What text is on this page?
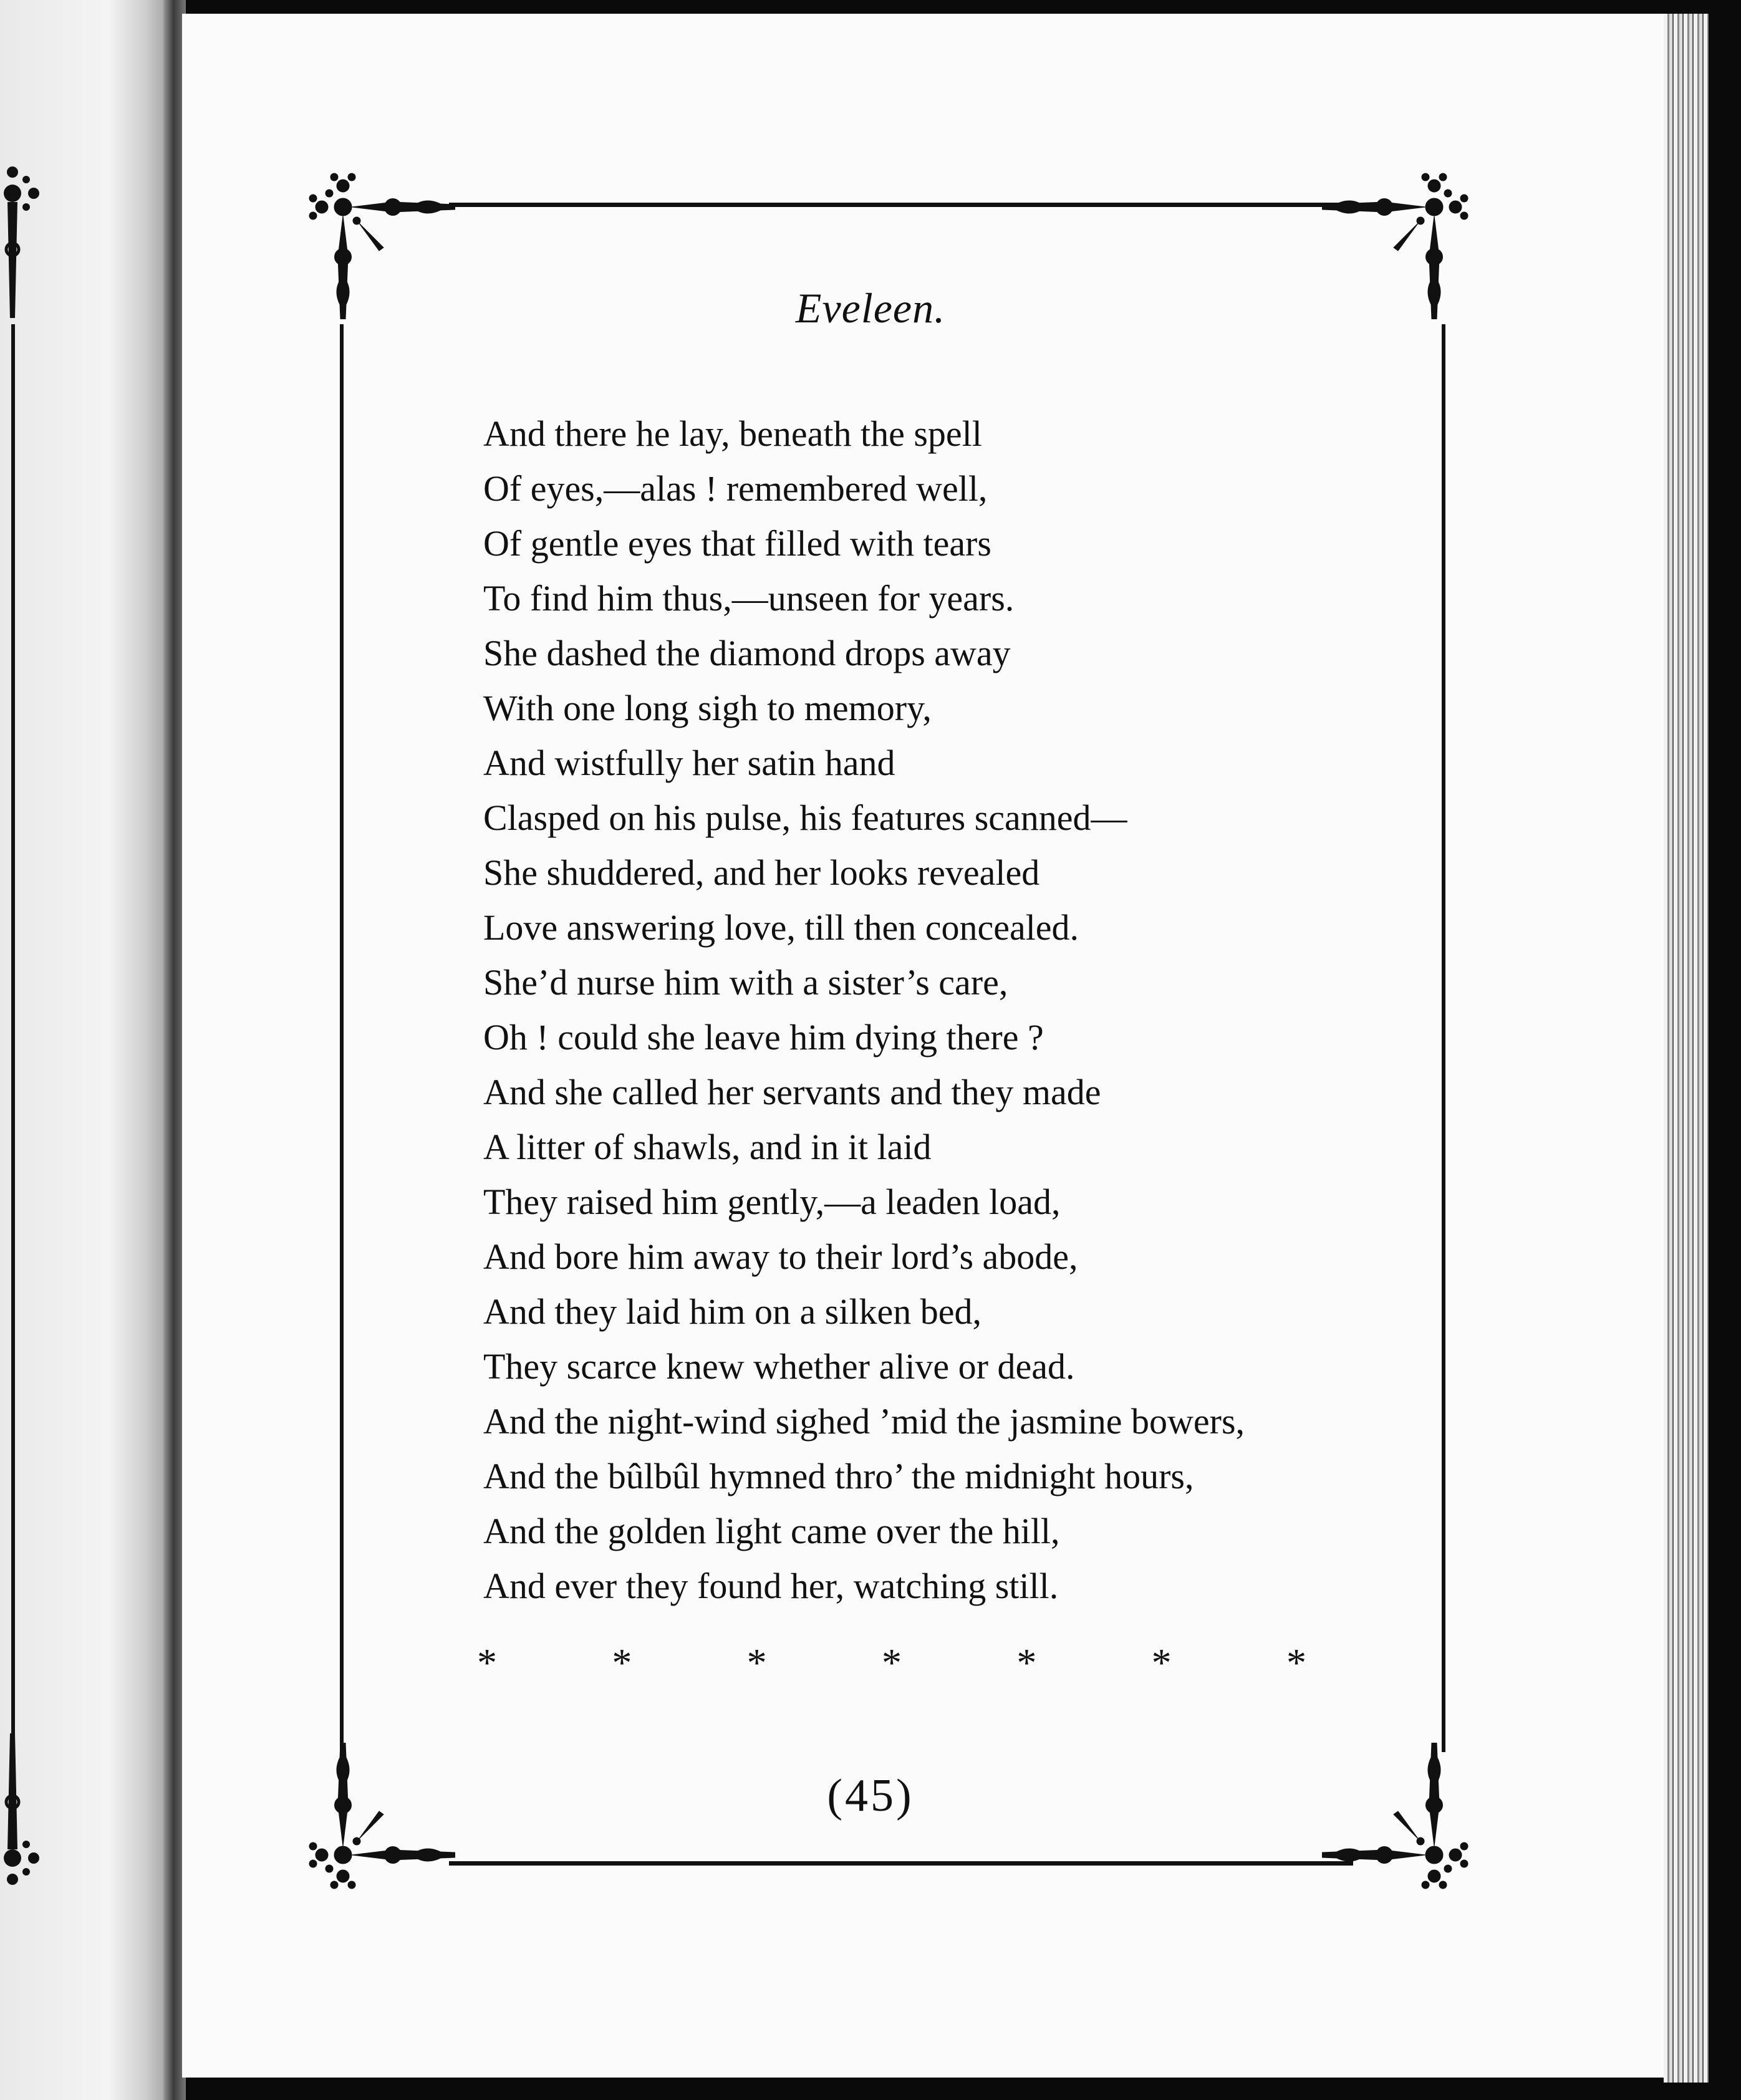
Eveleen.
And there he lay, beneath the spell
Of eyes,—alas ! remembered well,
Of gentle eyes that filled with tears
To find him thus,—unseen for years.
She dashed the diamond drops away
With one long sigh to memory,
And wistfully her satin hand
Clasped on his pulse, his features scanned—
She shuddered, and her looks revealed
Love answering love, till then concealed.
She’d nurse him with a sister’s care,
Oh ! could she leave him dying there ?
And she called her servants and they made
A litter of shawls, and in it laid
They raised him gently,—a leaden load,
And bore him away to their lord’s abode,
And they laid him on a silken bed,
They scarce knew whether alive or dead.
And the night-wind sighed ’mid the jasmine bowers,
And the bûlbûl hymned thro’ the midnight hours,
And the golden light came over the hill,
And ever they found her, watching still.
*	*	*	*	*	*	*
(45)
